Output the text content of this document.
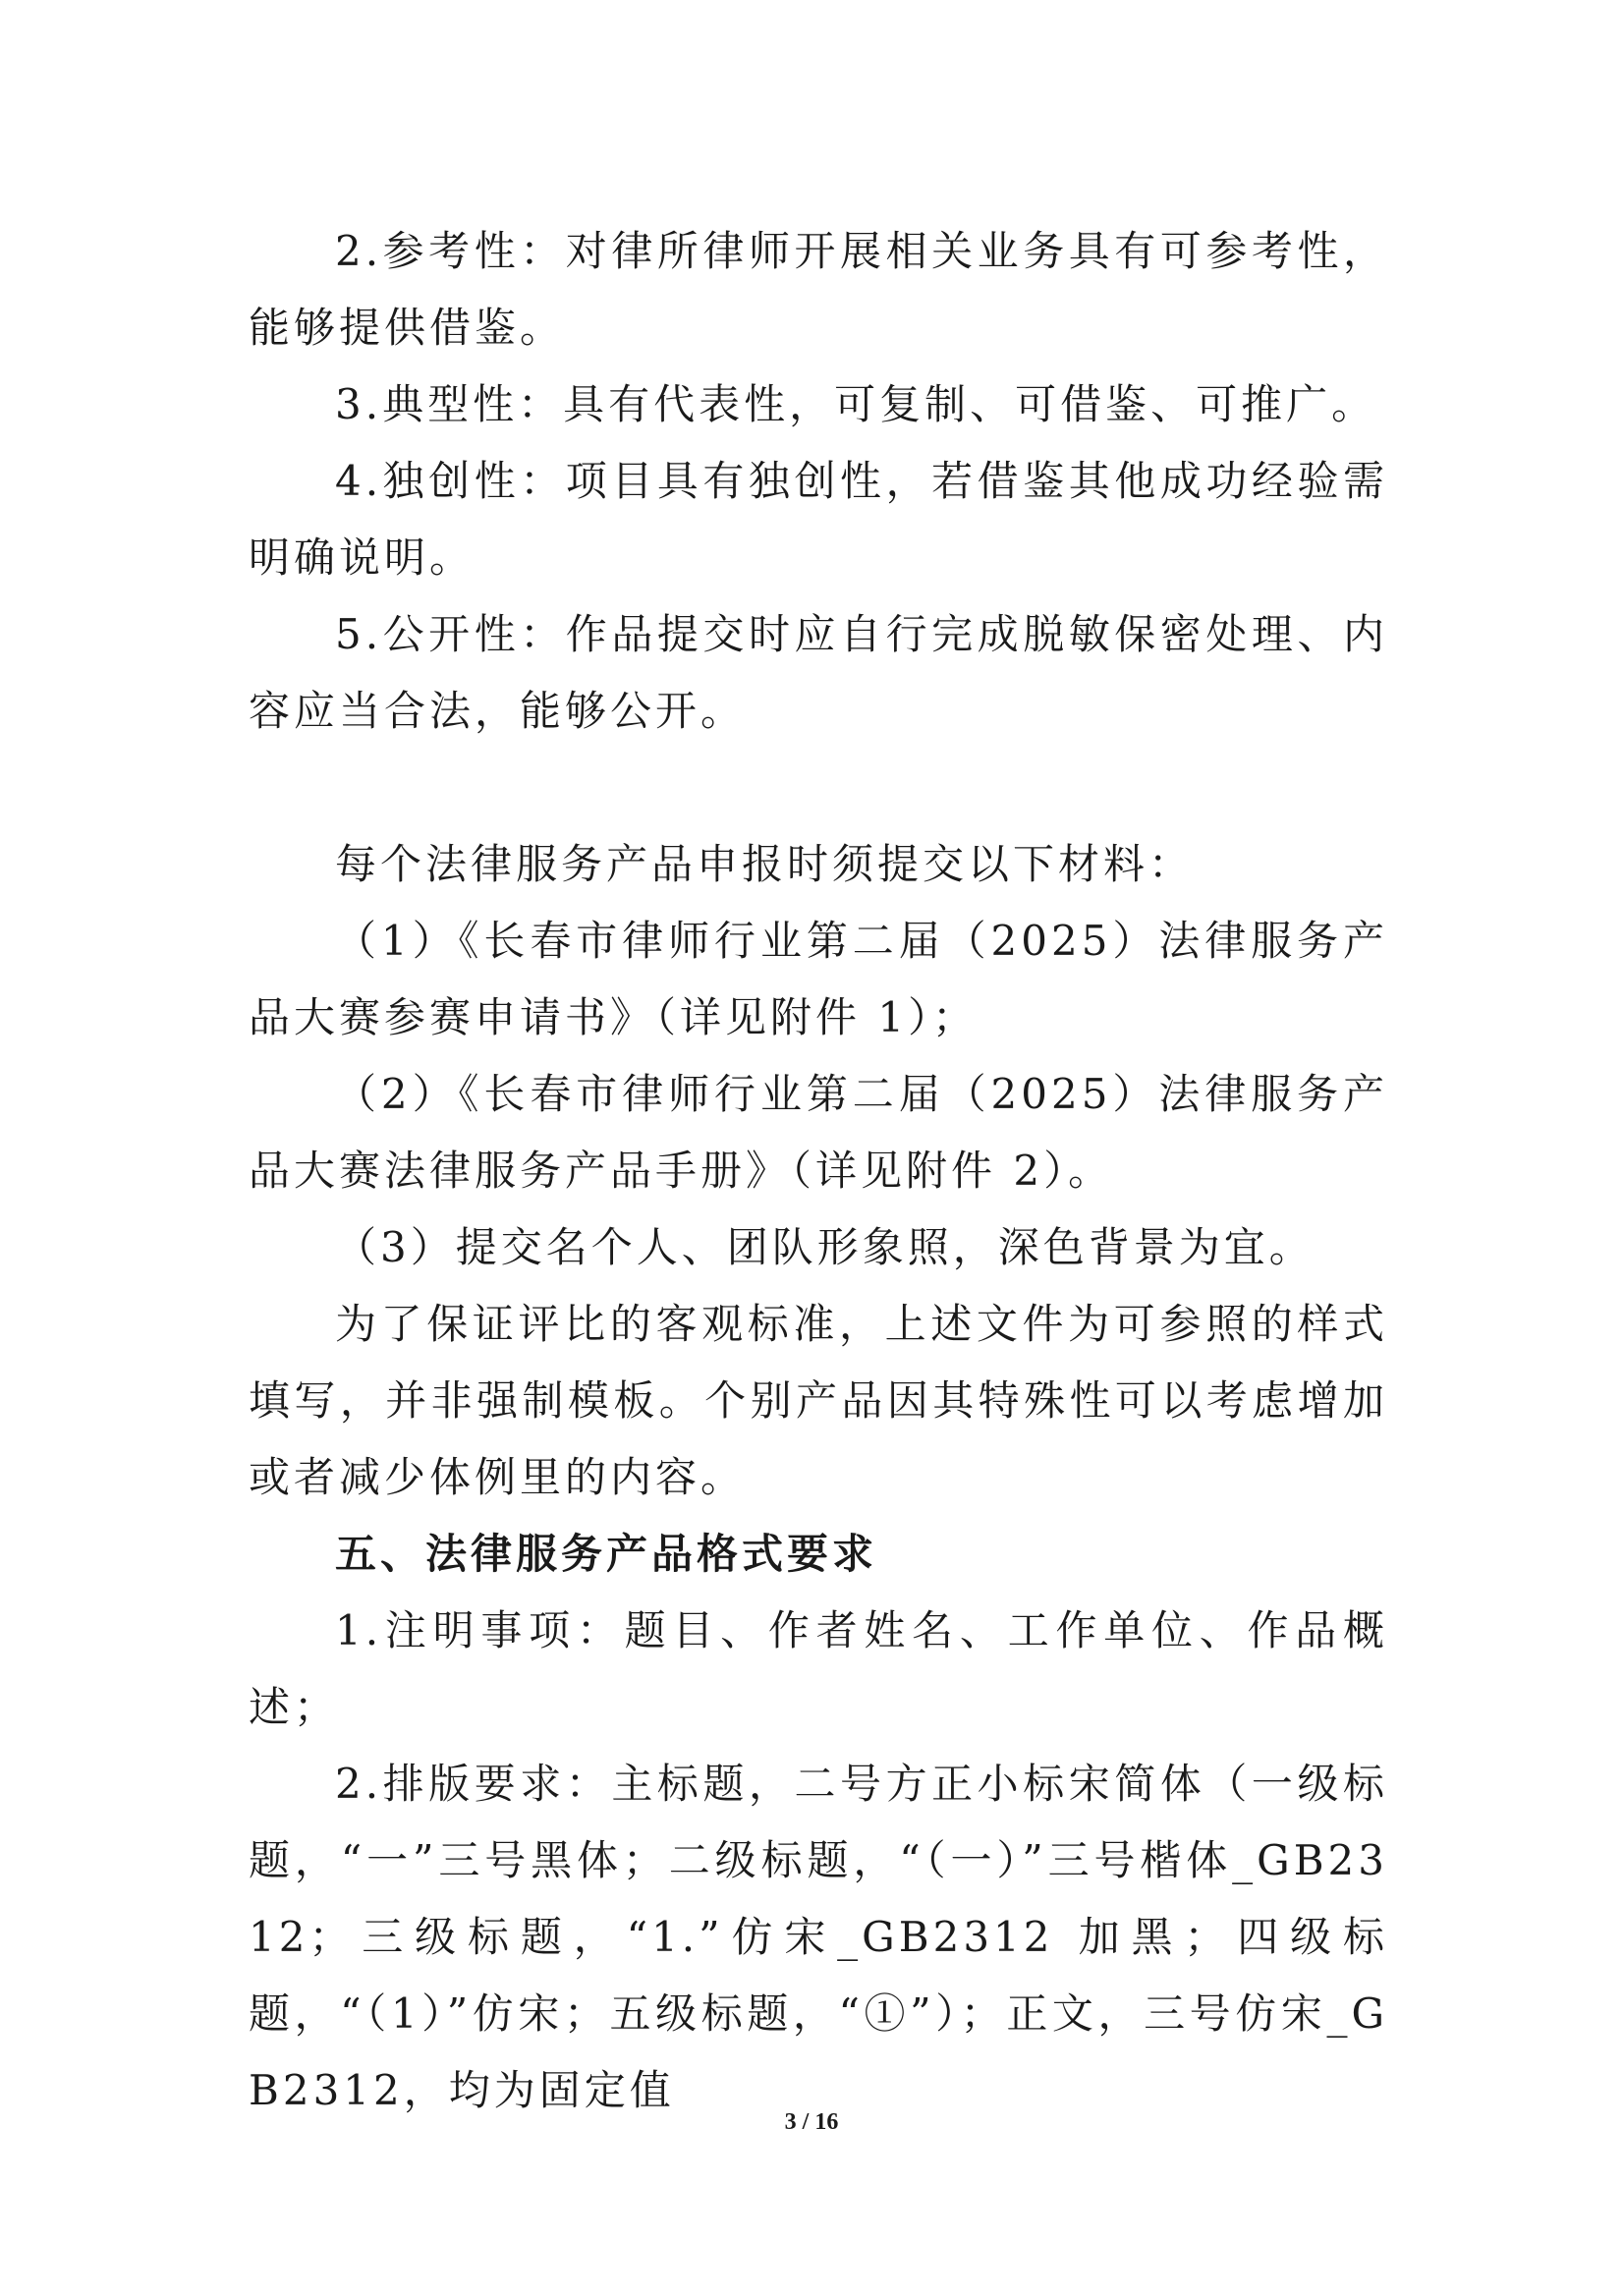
2.参考性：对律所律师开展相关业务具有可参考性，能够提供借鉴。

3.典型性：具有代表性，可复制、可借鉴、可推广。

4.独创性：项目具有独创性，若借鉴其他成功经验需明确说明。

5.公开性：作品提交时应自行完成脱敏保密处理、内容应当合法，能够公开。

每个法律服务产品申报时须提交以下材料：

（1）《长春市律师行业第二届（2025）法律服务产品大赛参赛申请书》（详见附件 1）；

（2）《长春市律师行业第二届（2025）法律服务产品大赛法律服务产品手册》（详见附件 2）。

（3）提交名个人、团队形象照，深色背景为宜。

为了保证评比的客观标准，上述文件为可参照的样式填写，并非强制模板。个别产品因其特殊性可以考虑增加或者减少体例里的内容。

五、法律服务产品格式要求

1.注明事项：题目、作者姓名、工作单位、作品概述；

2.排版要求：主标题，二号方正小标宋简体（一级标题，“一”三号黑体；二级标题，“（一）”三号楷体_GB2312；三级标题，“1.”仿宋_GB2312 加黑；四级标题，“（1）”仿宋；五级标题，“①”）；正文，三号仿宋_GB2312，均为固定值

3 / 16
